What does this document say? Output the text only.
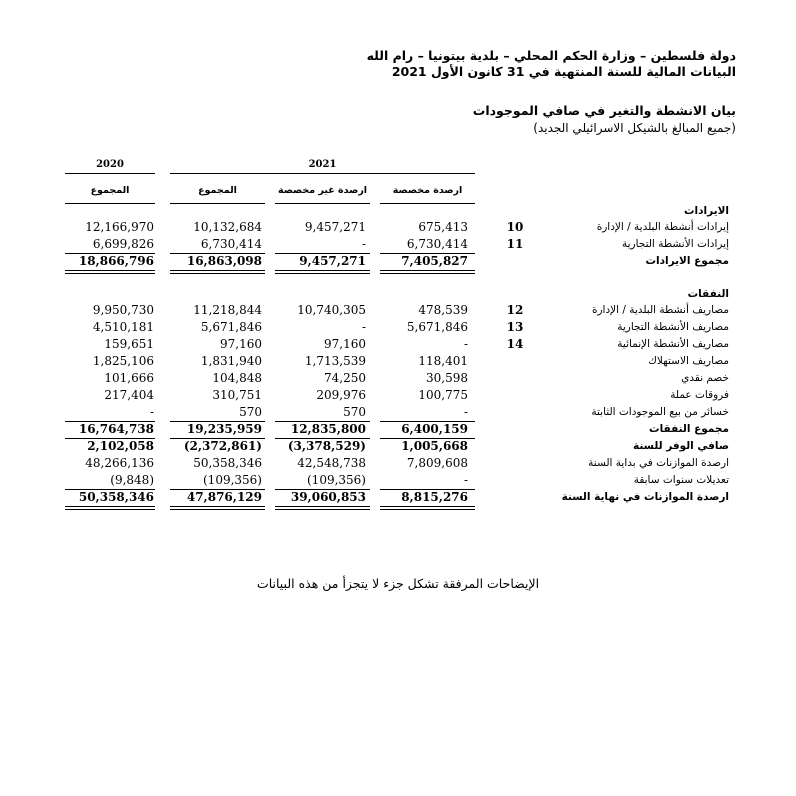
دولة فلسطين – وزارة الحكم المحلي – بلدية بيتونيا – رام الله
البيانات المالية للسنة المنتهية في 31 كانون الأول 2021
بيان الانشطة والتغير في صافي الموجودات
(جميع المبالغ بالشيكل الاسرائيلي الجديد)
2020	2021
المجموع	المجموع	ارصدة غير مخصصة	ارصدة مخصصة
الايرادات
النفقات
12,166,970	10,132,684	9,457,271	675,413	10	إيرادات أنشطة البلدية / الإدارة
6,699,826	6,730,414	-	6,730,414	11	إيرادات الأنشطة التجارية
18,866,796	16,863,098	9,457,271	7,405,827	مجموع الايرادات
9,950,730	11,218,844	10,740,305	478,539	12	مصاريف أنشطة البلدية / الإدارة
4,510,181	5,671,846	-	5,671,846	13	مصاريف الأنشطة التجارية
159,651	97,160	97,160	-	14	مصاريف الأنشطة الإنمائية
1,825,106	1,831,940	1,713,539	118,401	مصاريف الاستهلاك
101,666	104,848	74,250	30,598	خصم نقدي
217,404	310,751	209,976	100,775	فروقات عملة
-	570	570	-	خسائر من بيع الموجودات الثابتة
16,764,738	19,235,959	12,835,800	6,400,159	مجموع النفقات
2,102,058	(2,372,861)	(3,378,529)	1,005,668	صافي الوفر للسنة
48,266,136	50,358,346	42,548,738	7,809,608	ارصدة الموازنات في بداية السنة
(9,848)	(109,356)	(109,356)	-	تعديلات سنوات سابقة
50,358,346	47,876,129	39,060,853	8,815,276	ارصدة الموازنات في نهاية السنة
الإيضاحات المرفقة تشكل جزء لا يتجزأ من هذه البيانات
